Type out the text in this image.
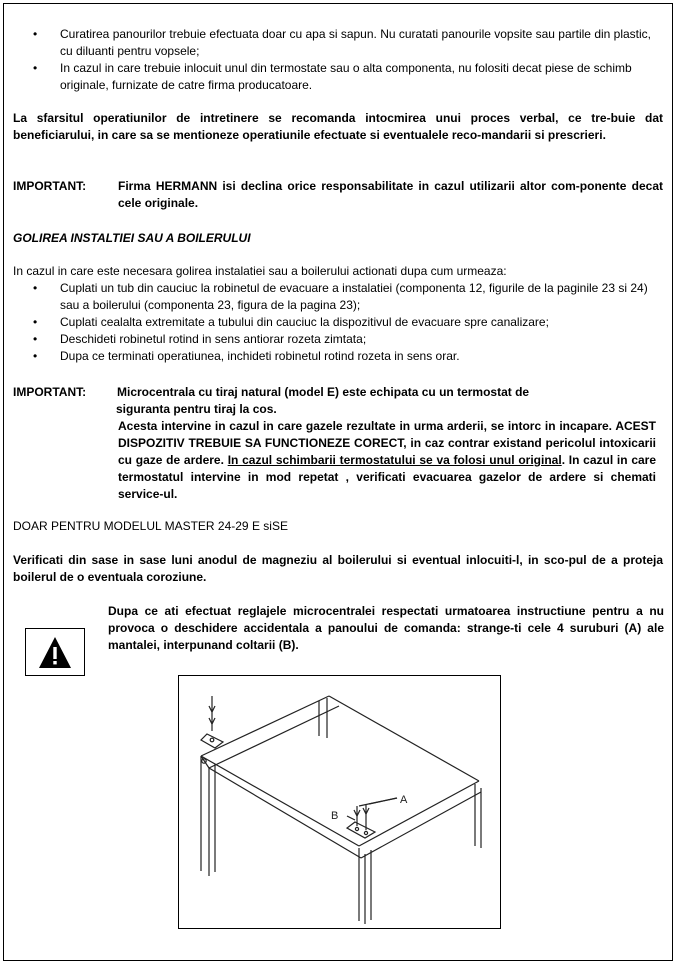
• Curatirea panourilor trebuie efectuata doar cu apa si sapun. Nu curatati panourile vopsite sau partile din plastic, cu diluanti pentru vopsele;
• In cazul in care trebuie inlocuit unul din termostate sau o alta componenta, nu folositi decat piese de schimb originale, furnizate de catre firma producatoare.
La sfarsitul operatiunilor de intretinere se recomanda intocmirea unui proces verbal, ce tre-buie dat beneficiarului, in care sa se mentioneze operatiunile efectuate si eventualele reco-mandarii si prescrieri.
IMPORTANT:	Firma HERMANN isi declina orice responsabilitate in cazul utilizarii altor com-ponente decat cele originale.
GOLIREA INSTALTIEI SAU A BOILERULUI
In cazul in care este necesara golirea instalatiei sau a boilerului actionati dupa cum urmeaza:
• Cuplati un tub din cauciuc la robinetul de evacuare a instalatiei (componenta 12, figurile de la paginile 23 si 24) sau a boilerului (componenta 23, figura de la pagina 23);
• Cuplati cealalta extremitate a tubului din cauciuc la dispozitivul de evacuare spre canalizare;
• Deschideti robinetul rotind in sens antiorar rozeta zimtata;
• Dupa ce terminati operatiunea, inchideti robinetul rotind rozeta in sens orar.
IMPORTANT:	Microcentrala cu tiraj natural (model E) este echipata cu un termostat de
siguranta pentru tiraj la cos.
Acesta intervine in cazul in care gazele rezultate in urma arderii, se intorc in incapare. ACEST DISPOZITIV TREBUIE SA FUNCTIONEZE CORECT, in caz contrar existand pericolul intoxicarii cu gaze de ardere. In cazul schimbarii termostatului se va folosi unul original. In cazul in care termostatul intervine in mod repetat , verificati evacuarea gazelor de ardere si chemati service-ul.
DOAR PENTRU MODELUL MASTER 24-29 E siSE
Verificati din sase in sase luni anodul de magneziu al boilerului si eventual inlocuiti-l, in sco-pul de a proteja boilerul de o eventuala coroziune.
Dupa ce ati efectuat reglajele microcentralei respectati urmatoarea instructiune pentru a nu provoca o deschidere accidentala a panoului de comanda: strange-ti cele 4 suruburi (A) ale mantalei, interpunand coltarii (B).
B
A
